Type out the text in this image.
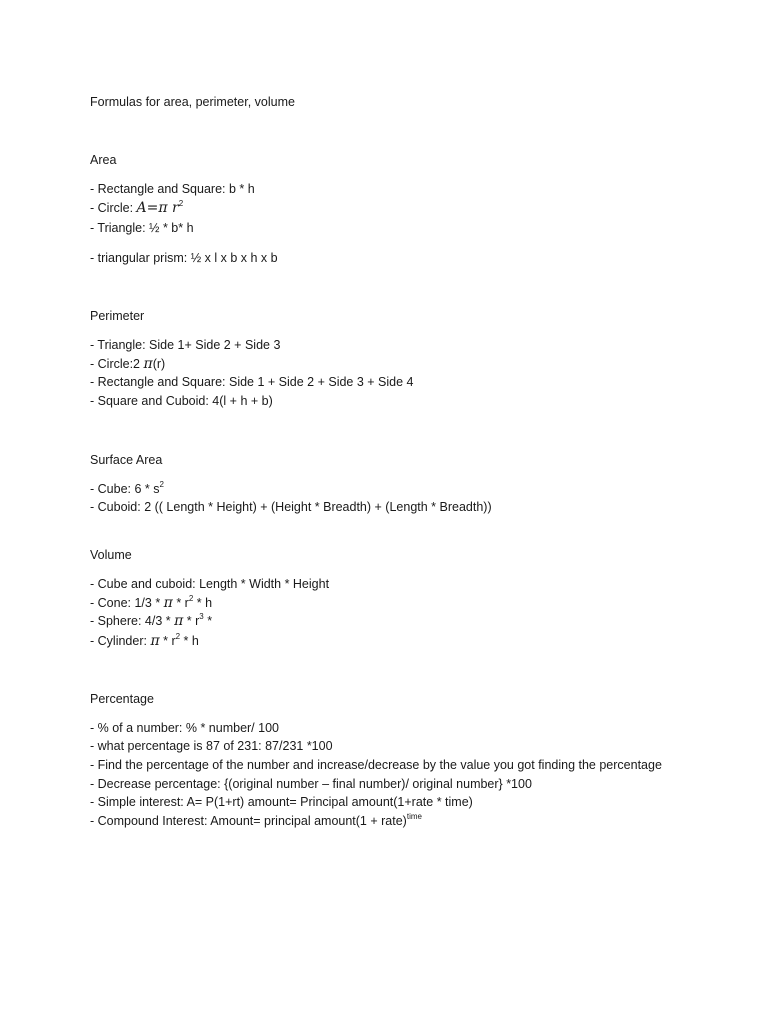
Formulas for area, perimeter, volume
Area
- Rectangle and Square: b * h
- Circle: A=π $r^2$
- Triangle: ½ * b* h
- triangular prism: ½ x l x b x h x b
Perimeter
- Triangle: Side 1+ Side 2 + Side 3
- Circle:2 π(r)
- Rectangle and Square: Side 1 + Side 2 + Side 3 + Side 4
- Square and Cuboid: 4(l + h + b)
Surface Area
- Cube: $6 * s^2$
- Cuboid: 2 (( Length * Height) + (Height * Breadth) + (Length * Breadth))
Volume
- Cube and cuboid: Length * Width * Height
- Cone: 1/3 * π * $r^2$ * h
- Sphere: 4/3 * π * $r^3$ *
- Cylinder: π * $r^2$ * h
Percentage
- % of a number: % * number/ 100
- what percentage is 87 of 231: 87/231 *100
- Find the percentage of the number and increase/decrease by the value you got finding the percentage
- Decrease percentage: {(original number – final number)/ original number} *100
- Simple interest: A= P(1+rt) amount= Principal amount(1+rate * time)
- Compound Interest: Amount= principal amount(1 + rate)$^{time}$
